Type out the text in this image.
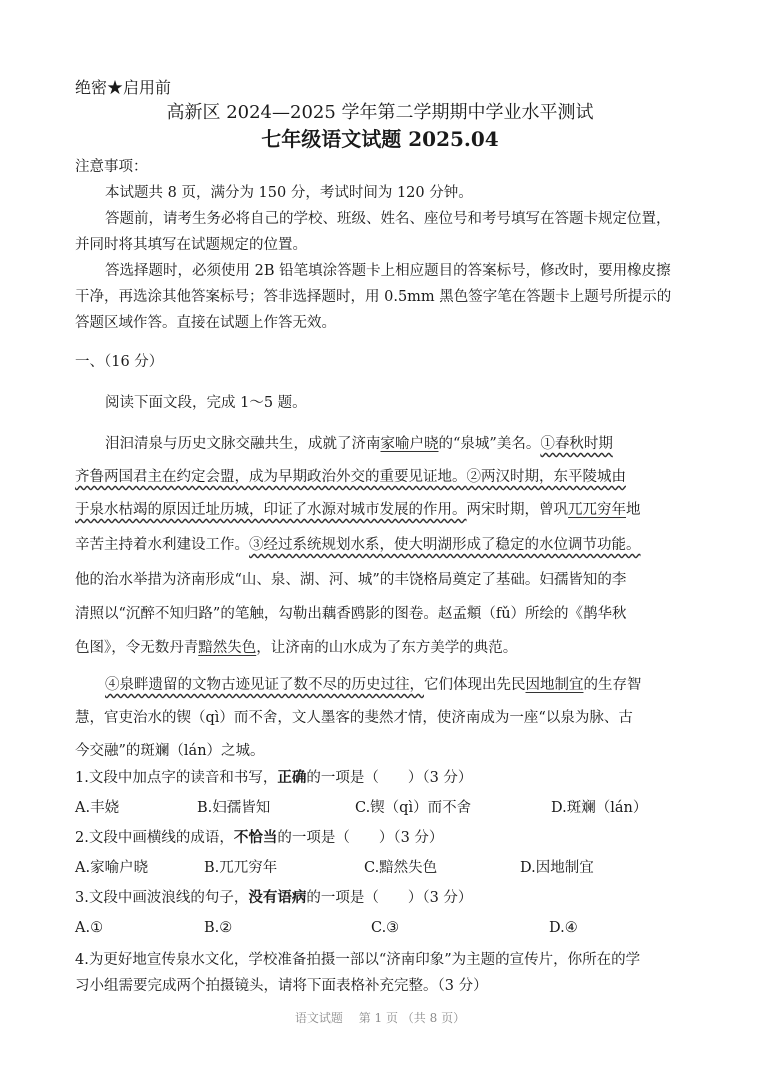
绝密★启用前
高新区 2024—2025 学年第二学期期中学业水平测试
七年级语文试题 2025.04
注意事项：
本试题共 8 页，满分为 150 分，考试时间为 120 分钟。
答题前，请考生务必将自己的学校、班级、姓名、座位号和考号填写在答题卡规定位置，
并同时将其填写在试题规定的位置。
答选择题时，必须使用 2B 铅笔填涂答题卡上相应题目的答案标号，修改时，要用橡皮擦
干净，再选涂其他答案标号；答非选择题时，用 0.5mm 黑色签字笔在答题卡上题号所提示的
答题区域作答。直接在试题上作答无效。
一、（16 分）
阅读下面文段，完成 1～5 题。
泪汩清泉与历史文脉交融共生，成就了济南家喻户晓的“泉城”美名。①春秋时期
齐鲁两国君主在约定会盟，成为早期政治外交的重要见证地。②两汉时期，东平陵城由
于泉水枯竭的原因迁址历城，印证了水源对城市发展的作用。两宋时期，曾巩兀兀穷年地
辛苦主持着水利建设工作。③经过系统规划水系，使大明湖形成了稳定的水位调节功能。
他的治水举措为济南形成“山、泉、湖、河、城”的丰饶格局奠定了基础。妇孺皆知的李
清照以“沉醉不知归路”的笔触，勾勒出藕香鸥影的图卷。赵孟頫（fǔ）所绘的《鹊华秋
色图》，令无数丹青黯然失色，让济南的山水成为了东方美学的典范。
④泉畔遗留的文物古迹见证了数不尽的历史过往，它们体现出先民因地制宜的生存智
慧，官吏治水的锲（qì）而不舍，文人墨客的斐然才情，使济南成为一座“以泉为脉、古
今交融”的斑斓（lán）之城。
1.文段中加点字的读音和书写，正确的一项是（　　）（3 分）
A.丰娆	B.妇孺皆知	C.锲（qì）而不舍	D.斑斓（lán）
2.文段中画横线的成语，不恰当的一项是（　　）（3 分）
A.家喻户晓	B.兀兀穷年	C.黯然失色	D.因地制宜
3.文段中画波浪线的句子，没有语病的一项是（　　）（3 分）
A.①	B.②	C.③	D.④
4.为更好地宣传泉水文化，学校准备拍摄一部以“济南印象”为主题的宣传片，你所在的学
习小组需要完成两个拍摄镜头，请将下面表格补充完整。（3 分）
语文试题　 第 1 页 （共 8 页）
